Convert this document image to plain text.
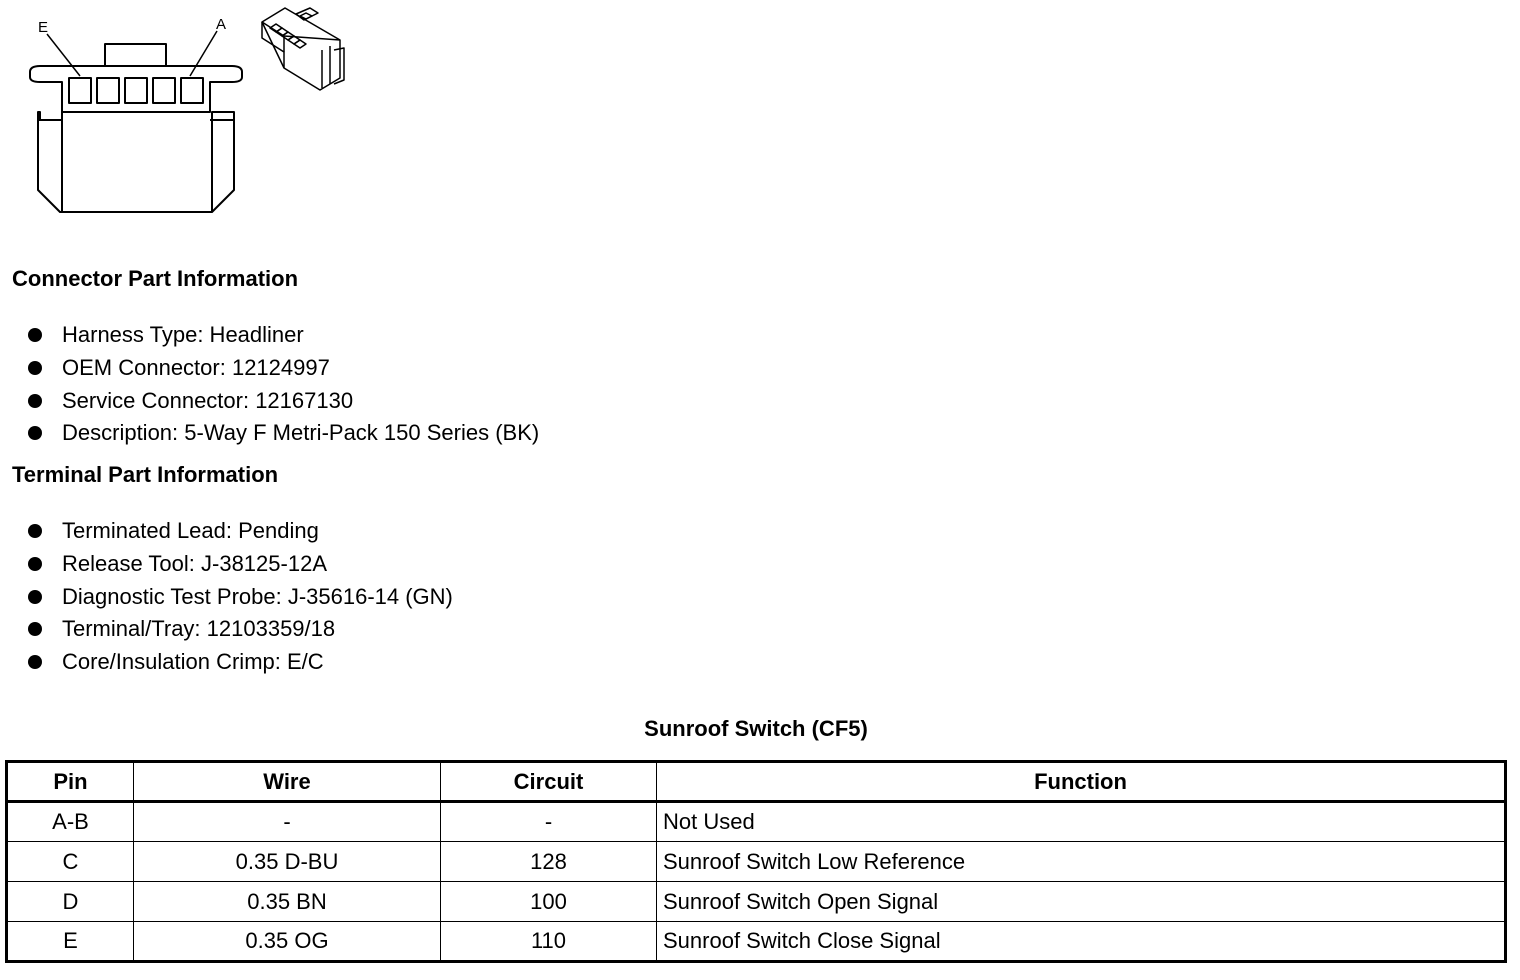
E	A
Connector Part Information
Harness Type: Headliner
OEM Connector: 12124997
Service Connector: 12167130
Description: 5-Way F Metri-Pack 150 Series (BK)
Terminal Part Information
Terminated Lead: Pending
Release Tool: J-38125-12A
Diagnostic Test Probe: J-35616-14 (GN)
Terminal/Tray: 12103359/18
Core/Insulation Crimp: E/C
Sunroof Switch (CF5)
Pin	Wire	Circuit	Function
A-B	-	-	Not Used
C	0.35 D-BU	128	Sunroof Switch Low Reference
D	0.35 BN	100	Sunroof Switch Open Signal
E	0.35 OG	110	Sunroof Switch Close Signal
